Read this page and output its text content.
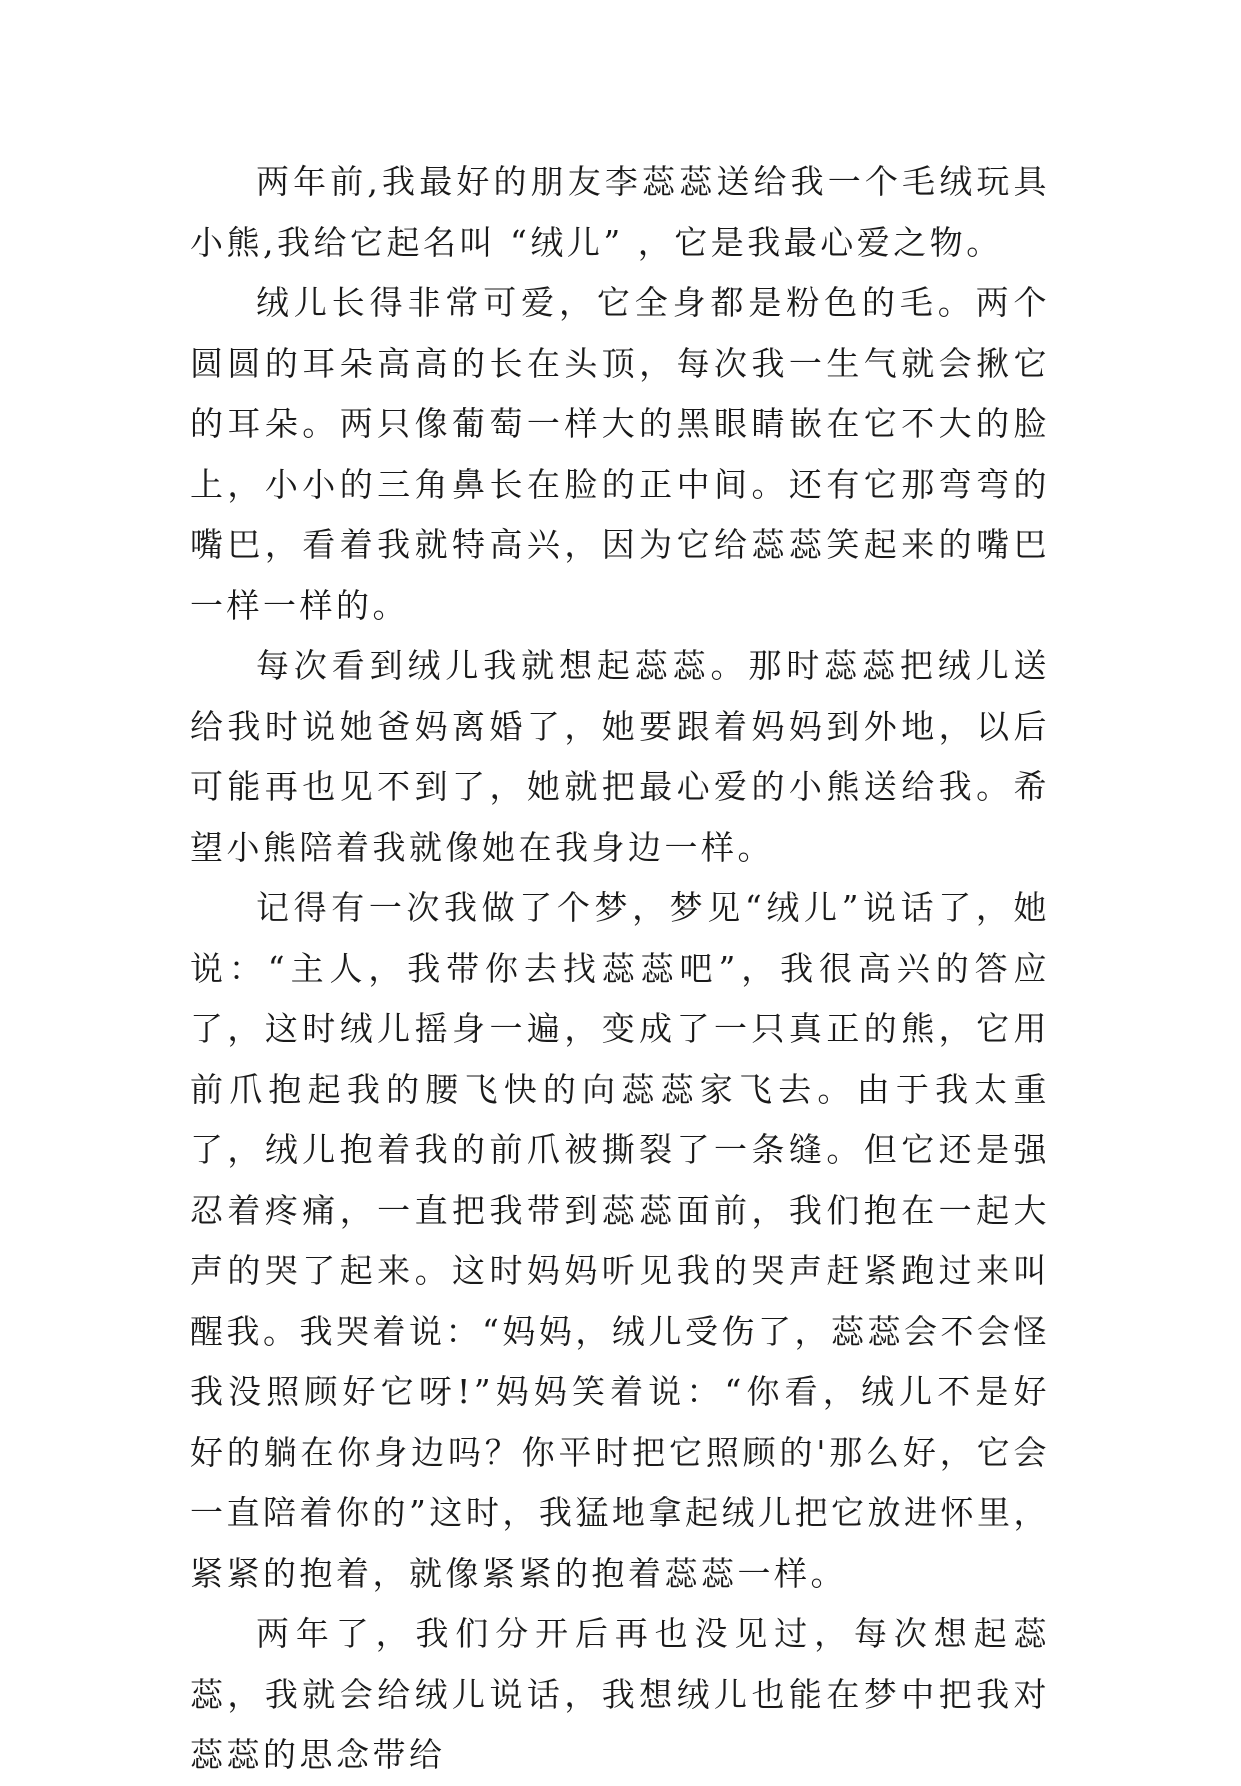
两年前,我最好的朋友李蕊蕊送给我一个毛绒玩具小熊,我给它起名叫 “绒儿” ，它是我最心爱之物。

绒儿长得非常可爱，它全身都是粉色的毛。两个圆圆的耳朵高高的长在头顶，每次我一生气就会揪它的耳朵。两只像葡萄一样大的黑眼睛嵌在它不大的脸上，小小的三角鼻长在脸的正中间。还有它那弯弯的嘴巴，看着我就特高兴，因为它给蕊蕊笑起来的嘴巴一样一样的。

每次看到绒儿我就想起蕊蕊。那时蕊蕊把绒儿送给我时说她爸妈离婚了，她要跟着妈妈到外地，以后可能再也见不到了，她就把最心爱的小熊送给我。希望小熊陪着我就像她在我身边一样。

记得有一次我做了个梦，梦见“绒儿”说话了，她说：“主人，我带你去找蕊蕊吧”，我很高兴的答应了，这时绒儿摇身一遍，变成了一只真正的熊，它用前爪抱起我的腰飞快的向蕊蕊家飞去。由于我太重了，绒儿抱着我的前爪被撕裂了一条缝。但它还是强忍着疼痛，一直把我带到蕊蕊面前，我们抱在一起大声的哭了起来。这时妈妈听见我的哭声赶紧跑过来叫醒我。我哭着说：“妈妈，绒儿受伤了，蕊蕊会不会怪我没照顾好它呀!”妈妈笑着说：“你看，绒儿不是好好的躺在你身边吗？你平时把它照顾的'那么好，它会一直陪着你的”这时，我猛地拿起绒儿把它放进怀里，紧紧的抱着，就像紧紧的抱着蕊蕊一样。

两年了，我们分开后再也没见过，每次想起蕊蕊，我就会给绒儿说话，我想绒儿也能在梦中把我对蕊蕊的思念带给
